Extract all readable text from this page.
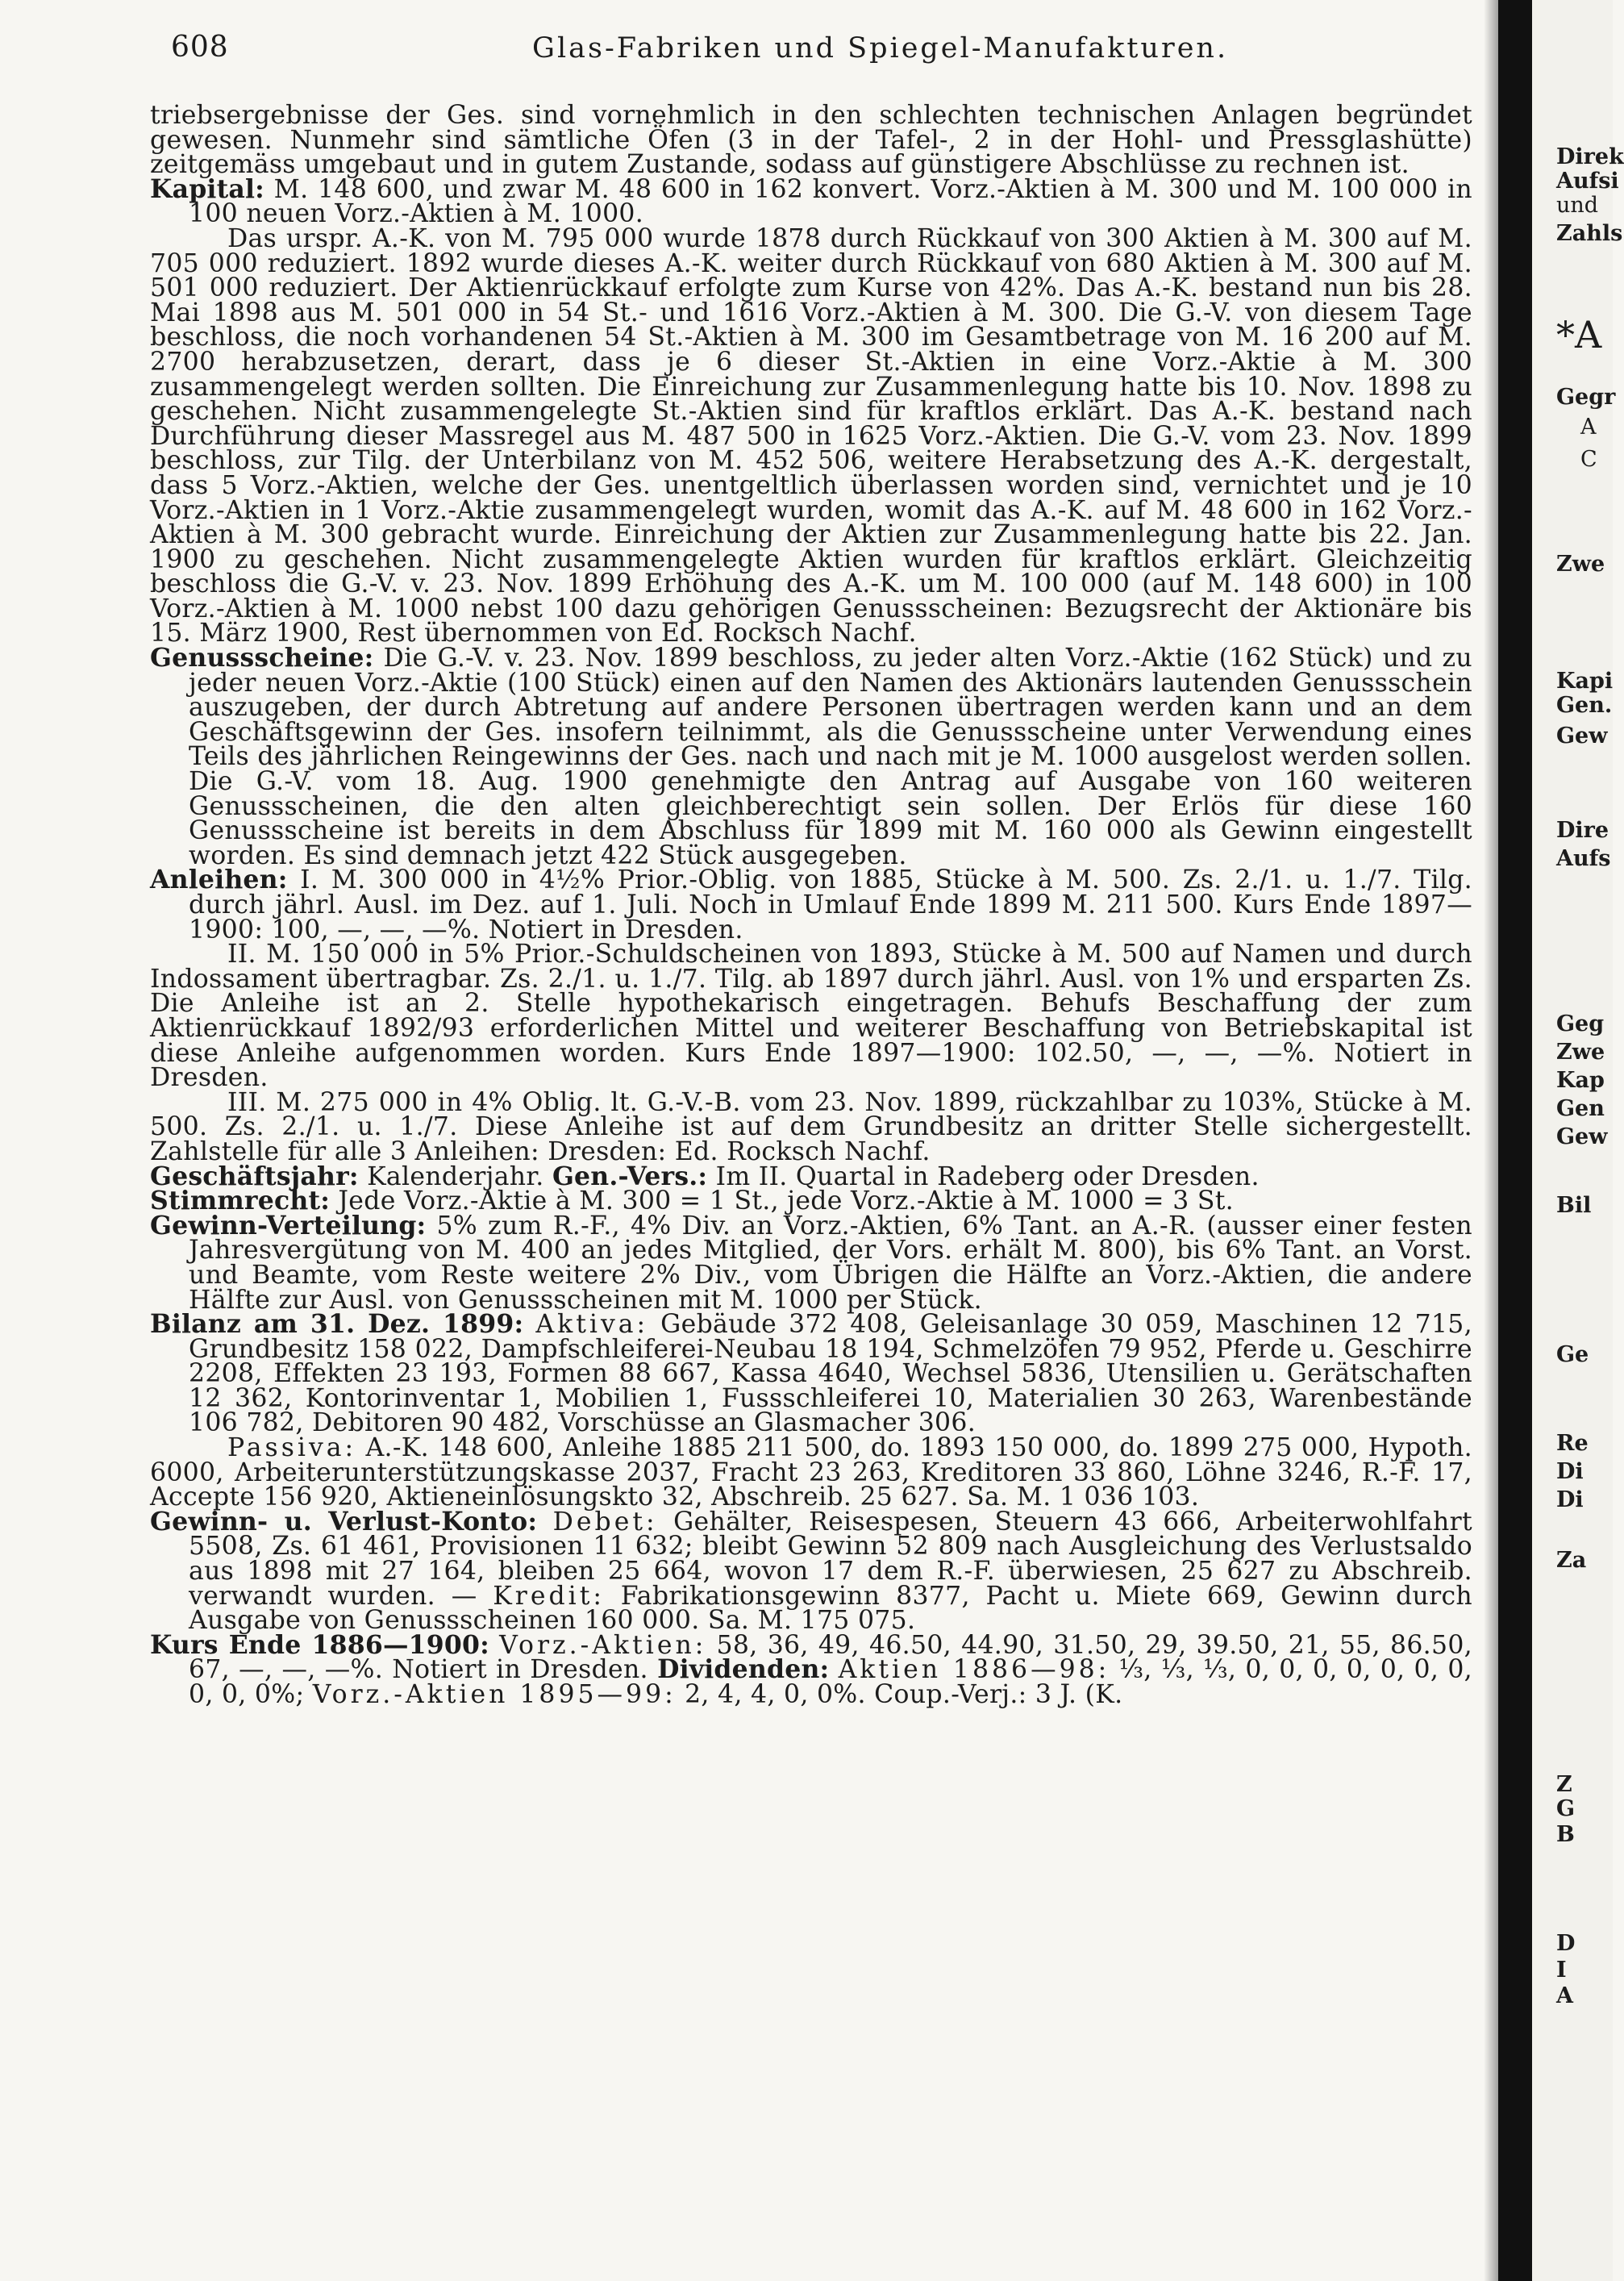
608	Glas-Fabriken und Spiegel-Manufakturen.

triebsergebnisse der Ges. sind vornehmlich in den schlechten technischen Anlagen begründet gewesen. Nunmehr sind sämtliche Öfen (3 in der Tafel-, 2 in der Hohl- und Pressglashütte) zeitgemäss umgebaut und in gutem Zustande, sodass auf günstigere Abschlüsse zu rechnen ist.

Kapital: M. 148 600, und zwar M. 48 600 in 162 konvert. Vorz.-Aktien à M. 300 und M. 100 000 in 100 neuen Vorz.-Aktien à M. 1000.

Das urspr. A.-K. von M. 795 000 wurde 1878 durch Rückkauf von 300 Aktien à M. 300 auf M. 705 000 reduziert. 1892 wurde dieses A.-K. weiter durch Rückkauf von 680 Aktien à M. 300 auf M. 501 000 reduziert. Der Aktienrückkauf erfolgte zum Kurse von 42%. Das A.-K. bestand nun bis 28. Mai 1898 aus M. 501 000 in 54 St.- und 1616 Vorz.-Aktien à M. 300. Die G.-V. von diesem Tage beschloss, die noch vorhandenen 54 St.-Aktien à M. 300 im Gesamtbetrage von M. 16 200 auf M. 2700 herabzusetzen, derart, dass je 6 dieser St.-Aktien in eine Vorz.-Aktie à M. 300 zusammengelegt werden sollten. Die Einreichung zur Zusammenlegung hatte bis 10. Nov. 1898 zu geschehen. Nicht zusammengelegte St.-Aktien sind für kraftlos erklärt. Das A.-K. bestand nach Durchführung dieser Massregel aus M. 487 500 in 1625 Vorz.-Aktien. Die G.-V. vom 23. Nov. 1899 beschloss, zur Tilg. der Unterbilanz von M. 452 506, weitere Herabsetzung des A.-K. dergestalt, dass 5 Vorz.-Aktien, welche der Ges. unentgeltlich überlassen worden sind, vernichtet und je 10 Vorz.-Aktien in 1 Vorz.-Aktie zusammengelegt wurden, womit das A.-K. auf M. 48 600 in 162 Vorz.-Aktien à M. 300 gebracht wurde. Einreichung der Aktien zur Zusammenlegung hatte bis 22. Jan. 1900 zu geschehen. Nicht zusammengelegte Aktien wurden für kraftlos erklärt. Gleichzeitig beschloss die G.-V. v. 23. Nov. 1899 Erhöhung des A.-K. um M. 100 000 (auf M. 148 600) in 100 Vorz.-Aktien à M. 1000 nebst 100 dazu gehörigen Genussscheinen: Bezugsrecht der Aktionäre bis 15. März 1900, Rest übernommen von Ed. Rocksch Nachf.

Genussscheine: Die G.-V. v. 23. Nov. 1899 beschloss, zu jeder alten Vorz.-Aktie (162 Stück) und zu jeder neuen Vorz.-Aktie (100 Stück) einen auf den Namen des Aktionärs lautenden Genussschein auszugeben, der durch Abtretung auf andere Personen übertragen werden kann und an dem Geschäftsgewinn der Ges. insofern teilnimmt, als die Genussscheine unter Verwendung eines Teils des jährlichen Reingewinns der Ges. nach und nach mit je M. 1000 ausgelost werden sollen. Die G.-V. vom 18. Aug. 1900 genehmigte den Antrag auf Ausgabe von 160 weiteren Genussscheinen, die den alten gleichberechtigt sein sollen. Der Erlös für diese 160 Genussscheine ist bereits in dem Abschluss für 1899 mit M. 160 000 als Gewinn eingestellt worden. Es sind demnach jetzt 422 Stück ausgegeben.

Anleihen: I. M. 300 000 in 4½% Prior.-Oblig. von 1885, Stücke à M. 500. Zs. 2./1. u. 1./7. Tilg. durch jährl. Ausl. im Dez. auf 1. Juli. Noch in Umlauf Ende 1899 M. 211 500. Kurs Ende 1897—1900: 100, —, —, —%. Notiert in Dresden.

II. M. 150 000 in 5% Prior.-Schuldscheinen von 1893, Stücke à M. 500 auf Namen und durch Indossament übertragbar. Zs. 2./1. u. 1./7. Tilg. ab 1897 durch jährl. Ausl. von 1% und ersparten Zs. Die Anleihe ist an 2. Stelle hypothekarisch eingetragen. Behufs Beschaffung der zum Aktienrückkauf 1892/93 erforderlichen Mittel und weiterer Beschaffung von Betriebskapital ist diese Anleihe aufgenommen worden. Kurs Ende 1897—1900: 102.50, —, —, —%. Notiert in Dresden.

III. M. 275 000 in 4% Oblig. lt. G.-V.-B. vom 23. Nov. 1899, rückzahlbar zu 103%, Stücke à M. 500. Zs. 2./1. u. 1./7. Diese Anleihe ist auf dem Grundbesitz an dritter Stelle sichergestellt. Zahlstelle für alle 3 Anleihen: Dresden: Ed. Rocksch Nachf.

Geschäftsjahr: Kalenderjahr. Gen.-Vers.: Im II. Quartal in Radeberg oder Dresden.

Stimmrecht: Jede Vorz.-Aktie à M. 300 = 1 St., jede Vorz.-Aktie à M. 1000 = 3 St.

Gewinn-Verteilung: 5% zum R.-F., 4% Div. an Vorz.-Aktien, 6% Tant. an A.-R. (ausser einer festen Jahresvergütung von M. 400 an jedes Mitglied, der Vors. erhält M. 800), bis 6% Tant. an Vorst. und Beamte, vom Reste weitere 2% Div., vom Übrigen die Hälfte an Vorz.-Aktien, die andere Hälfte zur Ausl. von Genussscheinen mit M. 1000 per Stück.

Bilanz am 31. Dez. 1899: Aktiva: Gebäude 372 408, Geleisanlage 30 059, Maschinen 12 715, Grundbesitz 158 022, Dampfschleiferei-Neubau 18 194, Schmelzöfen 79 952, Pferde u. Geschirre 2208, Effekten 23 193, Formen 88 667, Kassa 4640, Wechsel 5836, Utensilien u. Gerätschaften 12 362, Kontorinventar 1, Mobilien 1, Fussschleiferei 10, Materialien 30 263, Warenbestände 106 782, Debitoren 90 482, Vorschüsse an Glasmacher 306.

Passiva: A.-K. 148 600, Anleihe 1885 211 500, do. 1893 150 000, do. 1899 275 000, Hypoth. 6000, Arbeiterunterstützungskasse 2037, Fracht 23 263, Kreditoren 33 860, Löhne 3246, R.-F. 17, Accepte 156 920, Aktieneinlösungskto 32, Abschreib. 25 627. Sa. M. 1 036 103.

Gewinn- u. Verlust-Konto: Debet: Gehälter, Reisespesen, Steuern 43 666, Arbeiterwohlfahrt 5508, Zs. 61 461, Provisionen 11 632; bleibt Gewinn 52 809 nach Ausgleichung des Verlustsaldo aus 1898 mit 27 164, bleiben 25 664, wovon 17 dem R.-F. überwiesen, 25 627 zu Abschreib. verwandt wurden. — Kredit: Fabrikationsgewinn 8377, Pacht u. Miete 669, Gewinn durch Ausgabe von Genussscheinen 160 000. Sa. M. 175 075.

Kurs Ende 1886—1900: Vorz.-Aktien: 58, 36, 49, 46.50, 44.90, 31.50, 29, 39.50, 21, 55, 86.50, 67, —, —, —%. Notiert in Dresden. Dividenden: Aktien 1886—98: ⅓, ⅓, ⅓, 0, 0, 0, 0, 0, 0, 0, 0, 0, 0%; Vorz.-Aktien 1895—99: 2, 4, 4, 0, 0%. Coup.-Verj.: 3 J. (K.

Direk
Aufsi
und
Zahls
*A
Gegr
A
C
Zwe
Kapi
Gen.
Gew
Dire
Aufs
Geg
Zwe
Kap
Gen
Gew
Bil
Ge
Re
Di
Di
Za
Z
G
B
D
I
A
